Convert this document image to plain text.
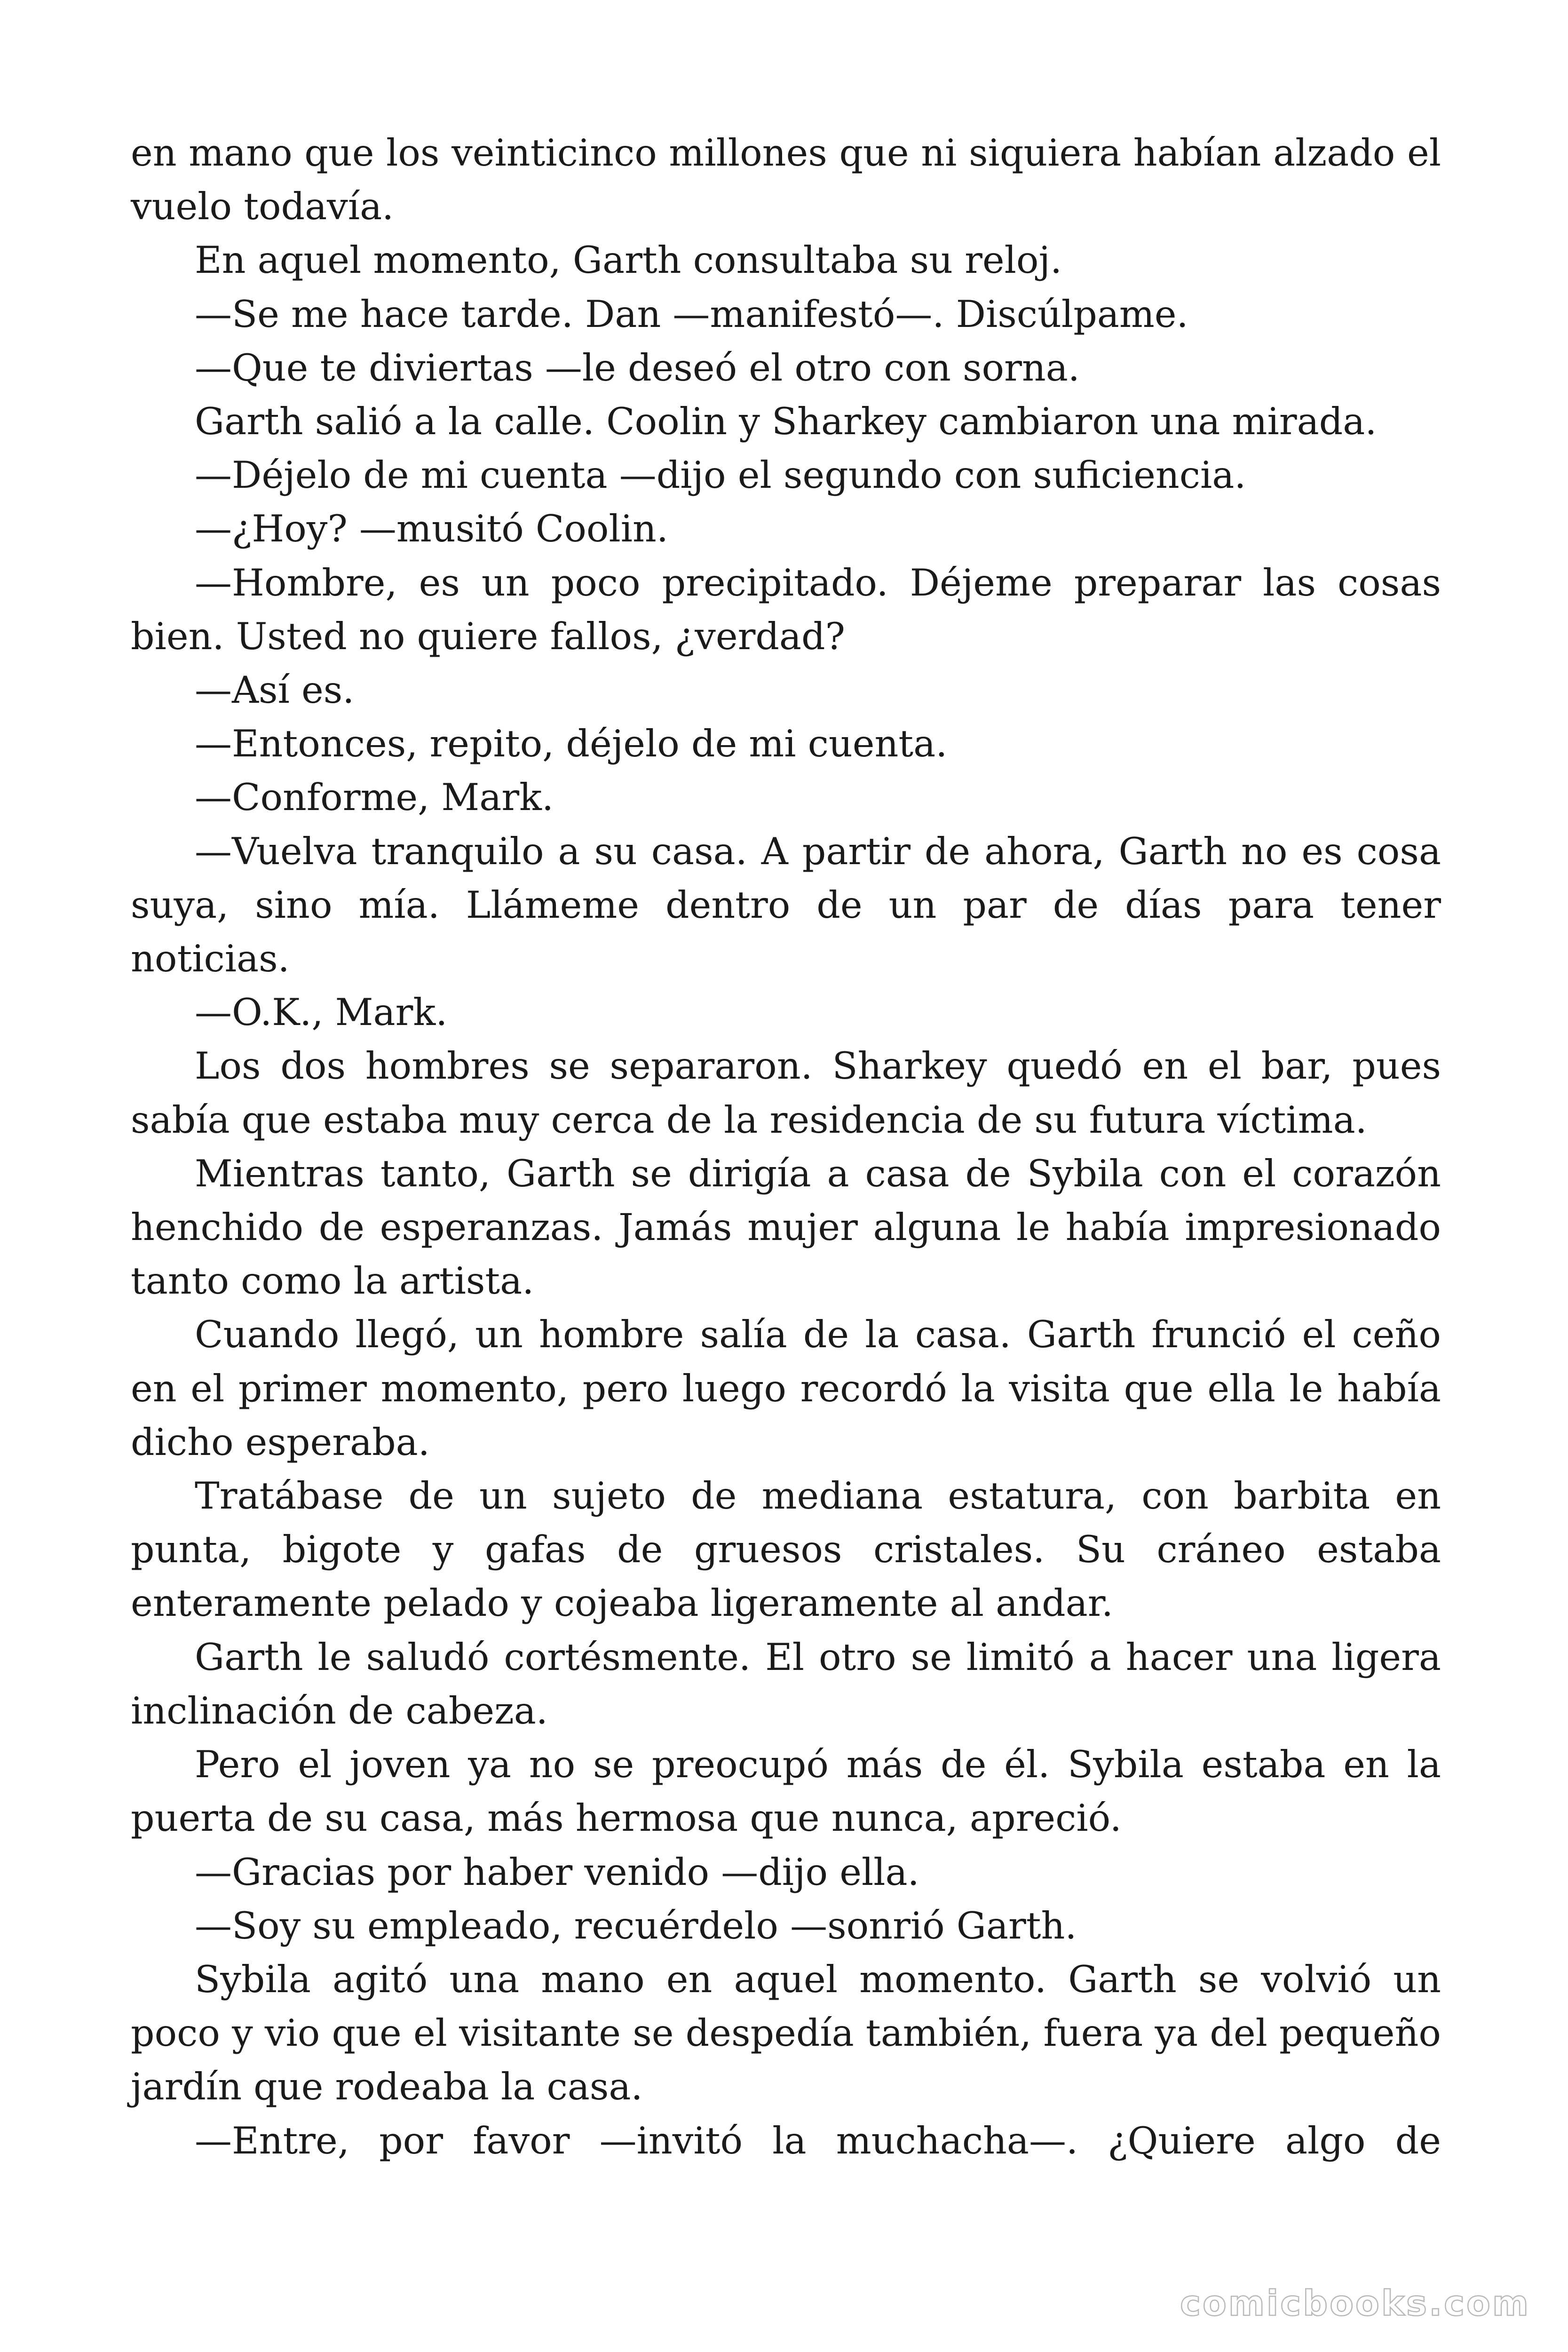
en mano que los veinticinco millones que ni siquiera habían alzado el vuelo todavía.

En aquel momento, Garth consultaba su reloj.

—Se me hace tarde. Dan —manifestó—. Discúlpame.

—Que te diviertas —le deseó el otro con sorna.

Garth salió a la calle. Coolin y Sharkey cambiaron una mirada.

—Déjelo de mi cuenta —dijo el segundo con suficiencia.

—¿Hoy? —musitó Coolin.

—Hombre, es un poco precipitado. Déjeme preparar las cosas bien. Usted no quiere fallos, ¿verdad?

—Así es.

—Entonces, repito, déjelo de mi cuenta.

—Conforme, Mark.

—Vuelva tranquilo a su casa. A partir de ahora, Garth no es cosa suya, sino mía. Llámeme dentro de un par de días para tener noticias.

—O.K., Mark.

Los dos hombres se separaron. Sharkey quedó en el bar, pues sabía que estaba muy cerca de la residencia de su futura víctima.

Mientras tanto, Garth se dirigía a casa de Sybila con el corazón henchido de esperanzas. Jamás mujer alguna le había impresionado tanto como la artista.

Cuando llegó, un hombre salía de la casa. Garth frunció el ceño en el primer momento, pero luego recordó la visita que ella le había dicho esperaba.

Tratábase de un sujeto de mediana estatura, con barbita en punta, bigote y gafas de gruesos cristales. Su cráneo estaba enteramente pelado y cojeaba ligeramente al andar.

Garth le saludó cortésmente. El otro se limitó a hacer una ligera inclinación de cabeza.

Pero el joven ya no se preocupó más de él. Sybila estaba en la puerta de su casa, más hermosa que nunca, apreció.

—Gracias por haber venido —dijo ella.

—Soy su empleado, recuérdelo —sonrió Garth.

Sybila agitó una mano en aquel momento. Garth se volvió un poco y vio que el visitante se despedía también, fuera ya del pequeño jardín que rodeaba la casa.

—Entre, por favor —invitó la muchacha—. ¿Quiere algo de

comicbooks.com
